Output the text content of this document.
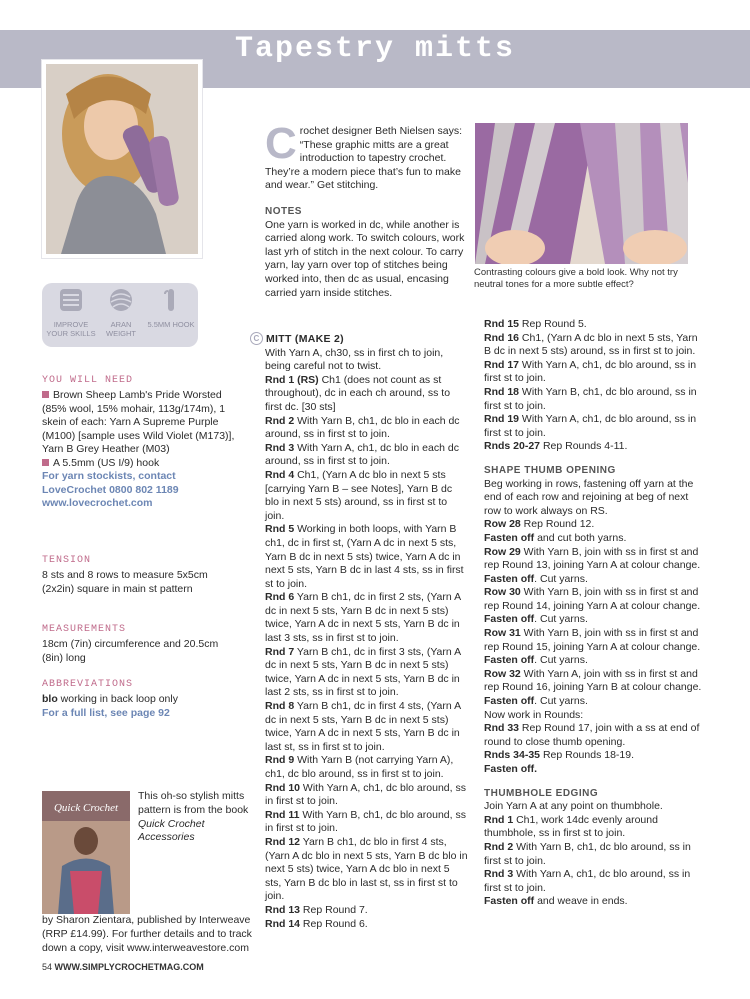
Tapestry mitts
Contrasting colours give a bold look. Why not try neutral tones for a more subtle effect?
IMPROVE YOUR SKILLS
ARAN WEIGHT
5.5MM HOOK
YOU WILL NEED
Brown Sheep Lamb's Pride Worsted (85% wool, 15% mohair, 113g/174m), 1 skein of each: Yarn A Supreme Purple (M100) [sample uses Wild Violet (M173)], Yarn B Grey Heather (M03)
A 5.5mm (US I/9) hook
For yarn stockists, contact
LoveCrochet 0800 802 1189
www.lovecrochet.com
TENSION
8 sts and 8 rows to measure 5x5cm (2x2in) square in main st pattern
MEASUREMENTS
18cm (7in) circumference and 20.5cm (8in) long
ABBREVIATIONS
blo working in back loop only
For a full list, see page 92
Quick Crochet
This oh-so stylish mitts pattern is from the book Quick Crochet Accessories
by Sharon Zientara, published by Interweave (RRP £14.99). For further details and to track down a copy, visit www.interweavestore.com

Crochet designer Beth Nielsen says: “These graphic mitts are a great introduction to tapestry crochet. They’re a modern piece that’s fun to make and wear.” Get stitching.

NOTES

One yarn is worked in dc, while another is carried along work. To switch colours, work last yrh of stitch in the next colour. To carry yarn, lay yarn over top of stitches being worked into, then dc as usual, encasing carried yarn inside stitches.

C MITT (MAKE 2)

With Yarn A, ch30, ss in first ch to join, being careful not to twist.

Rnd 1 (RS) Ch1 (does not count as st throughout), dc in each ch around, ss to first dc. [30 sts]

Rnd 2 With Yarn B, ch1, dc blo in each dc around, ss in first st to join.

Rnd 3 With Yarn A, ch1, dc blo in each dc around, ss in first st to join.

Rnd 4 Ch1, (Yarn A dc blo in next 5 sts [carrying Yarn B – see Notes], Yarn B dc blo in next 5 sts) around, ss in first st to join.

Rnd 5 Working in both loops, with Yarn B ch1, dc in first st, (Yarn A dc in next 5 sts, Yarn B dc in next 5 sts) twice, Yarn A dc in next 5 sts, Yarn B dc in last 4 sts, ss in first st to join.

Rnd 6 Yarn B ch1, dc in first 2 sts, (Yarn A dc in next 5 sts, Yarn B dc in next 5 sts) twice, Yarn A dc in next 5 sts, Yarn B dc in last 3 sts, ss in first st to join.

Rnd 7 Yarn B ch1, dc in first 3 sts, (Yarn A dc in next 5 sts, Yarn B dc in next 5 sts) twice, Yarn A dc in next 5 sts, Yarn B dc in last 2 sts, ss in first st to join.

Rnd 8 Yarn B ch1, dc in first 4 sts, (Yarn A dc in next 5 sts, Yarn B dc in next 5 sts) twice, Yarn A dc in next 5 sts, Yarn B dc in last st, ss in first st to join.

Rnd 9 With Yarn B (not carrying Yarn A), ch1, dc blo around, ss in first st to join.

Rnd 10 With Yarn A, ch1, dc blo around, ss in first st to join.

Rnd 11 With Yarn B, ch1, dc blo around, ss in first st to join.

Rnd 12 Yarn B ch1, dc blo in first 4 sts, (Yarn A dc blo in next 5 sts, Yarn B dc blo in next 5 sts) twice, Yarn A dc blo in next 5 sts, Yarn B dc blo in last st, ss in first st to join.

Rnd 13 Rep Round 7.

Rnd 14 Rep Round 6.

Rnd 15 Rep Round 5.

Rnd 16 Ch1, (Yarn A dc blo in next 5 sts, Yarn B dc in next 5 sts) around, ss in first st to join.

Rnd 17 With Yarn A, ch1, dc blo around, ss in first st to join.

Rnd 18 With Yarn B, ch1, dc blo around, ss in first st to join.

Rnd 19 With Yarn A, ch1, dc blo around, ss in first st to join.

Rnds 20-27 Rep Rounds 4-11.

SHAPE THUMB OPENING

Beg working in rows, fastening off yarn at the end of each row and rejoining at beg of next row to work always on RS.

Row 28 Rep Round 12.

Fasten off and cut both yarns.

Row 29 With Yarn B, join with ss in first st and rep Round 13, joining Yarn A at colour change. Fasten off. Cut yarns.

Row 30 With Yarn B, join with ss in first st and rep Round 14, joining Yarn A at colour change. Fasten off. Cut yarns.

Row 31 With Yarn B, join with ss in first st and rep Round 15, joining Yarn A at colour change. Fasten off. Cut yarns.

Row 32 With Yarn A, join with ss in first st and rep Round 16, joining Yarn B at colour change. Fasten off. Cut yarns.

Now work in Rounds:

Rnd 33 Rep Round 17, join with a ss at end of round to close thumb opening.

Rnds 34-35 Rep Rounds 18-19.

Fasten off.

THUMBHOLE EDGING

Join Yarn A at any point on thumbhole.

Rnd 1 Ch1, work 14dc evenly around thumbhole, ss in first st to join.

Rnd 2 With Yarn B, ch1, dc blo around, ss in first st to join.

Rnd 3 With Yarn A, ch1, dc blo around, ss in first st to join.

Fasten off and weave in ends.

54 WWW.SIMPLYCROCHETMAG.COM
